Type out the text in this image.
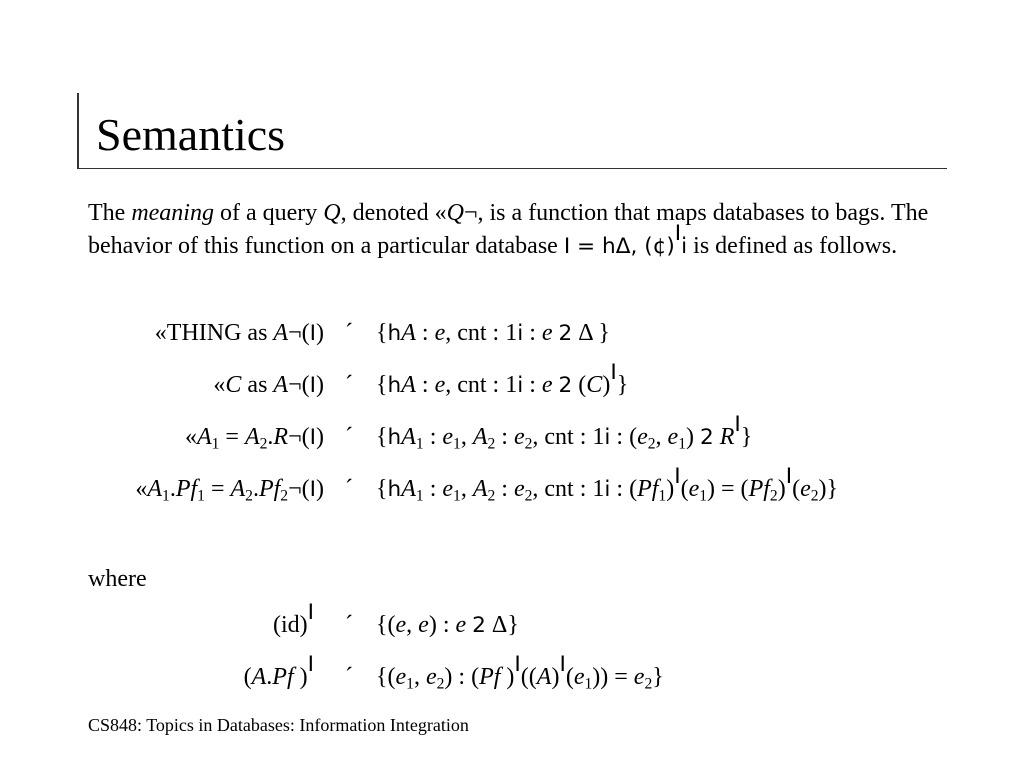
Semantics
The meaning of a query Q, denoted «Q¬, is a function that maps databases to bags. The behavior of this function on a particular database I = hΔ, (¢)$^I$i is defined as follows.
«THING as A¬(I) ´ {hA : e, cnt : 1i : e 2 Δ }
«C as A¬(I) ´ {hA : e, cnt : 1i : e 2 $(C)^I$}
«$A_1$ = $A_2.R\neg(I)$ ´ {$hA_1$ : $e_1$, $A_2$ : $e_2$, cnt : 1i : ($e_2$, $e_1$) 2 $R^I$}
«$A_1.Pf_1$ = $A_2.Pf_2\neg(I)$ ´ {$hA_1$ : $e_1$, $A_2$ : $e_2$, cnt : 1i : $(Pf_1)^I(e_1) = (Pf_2)^I(e_2)$}
where
(id)$^I$ ´ {(e, e) : e 2 Δ}
(A.Pf )$^I$ ´ {($e_1$, $e_2$) : (Pf )$^I((A)^I(e_1)) = e_2$}
CS848: Topics in Databases: Information Integration
